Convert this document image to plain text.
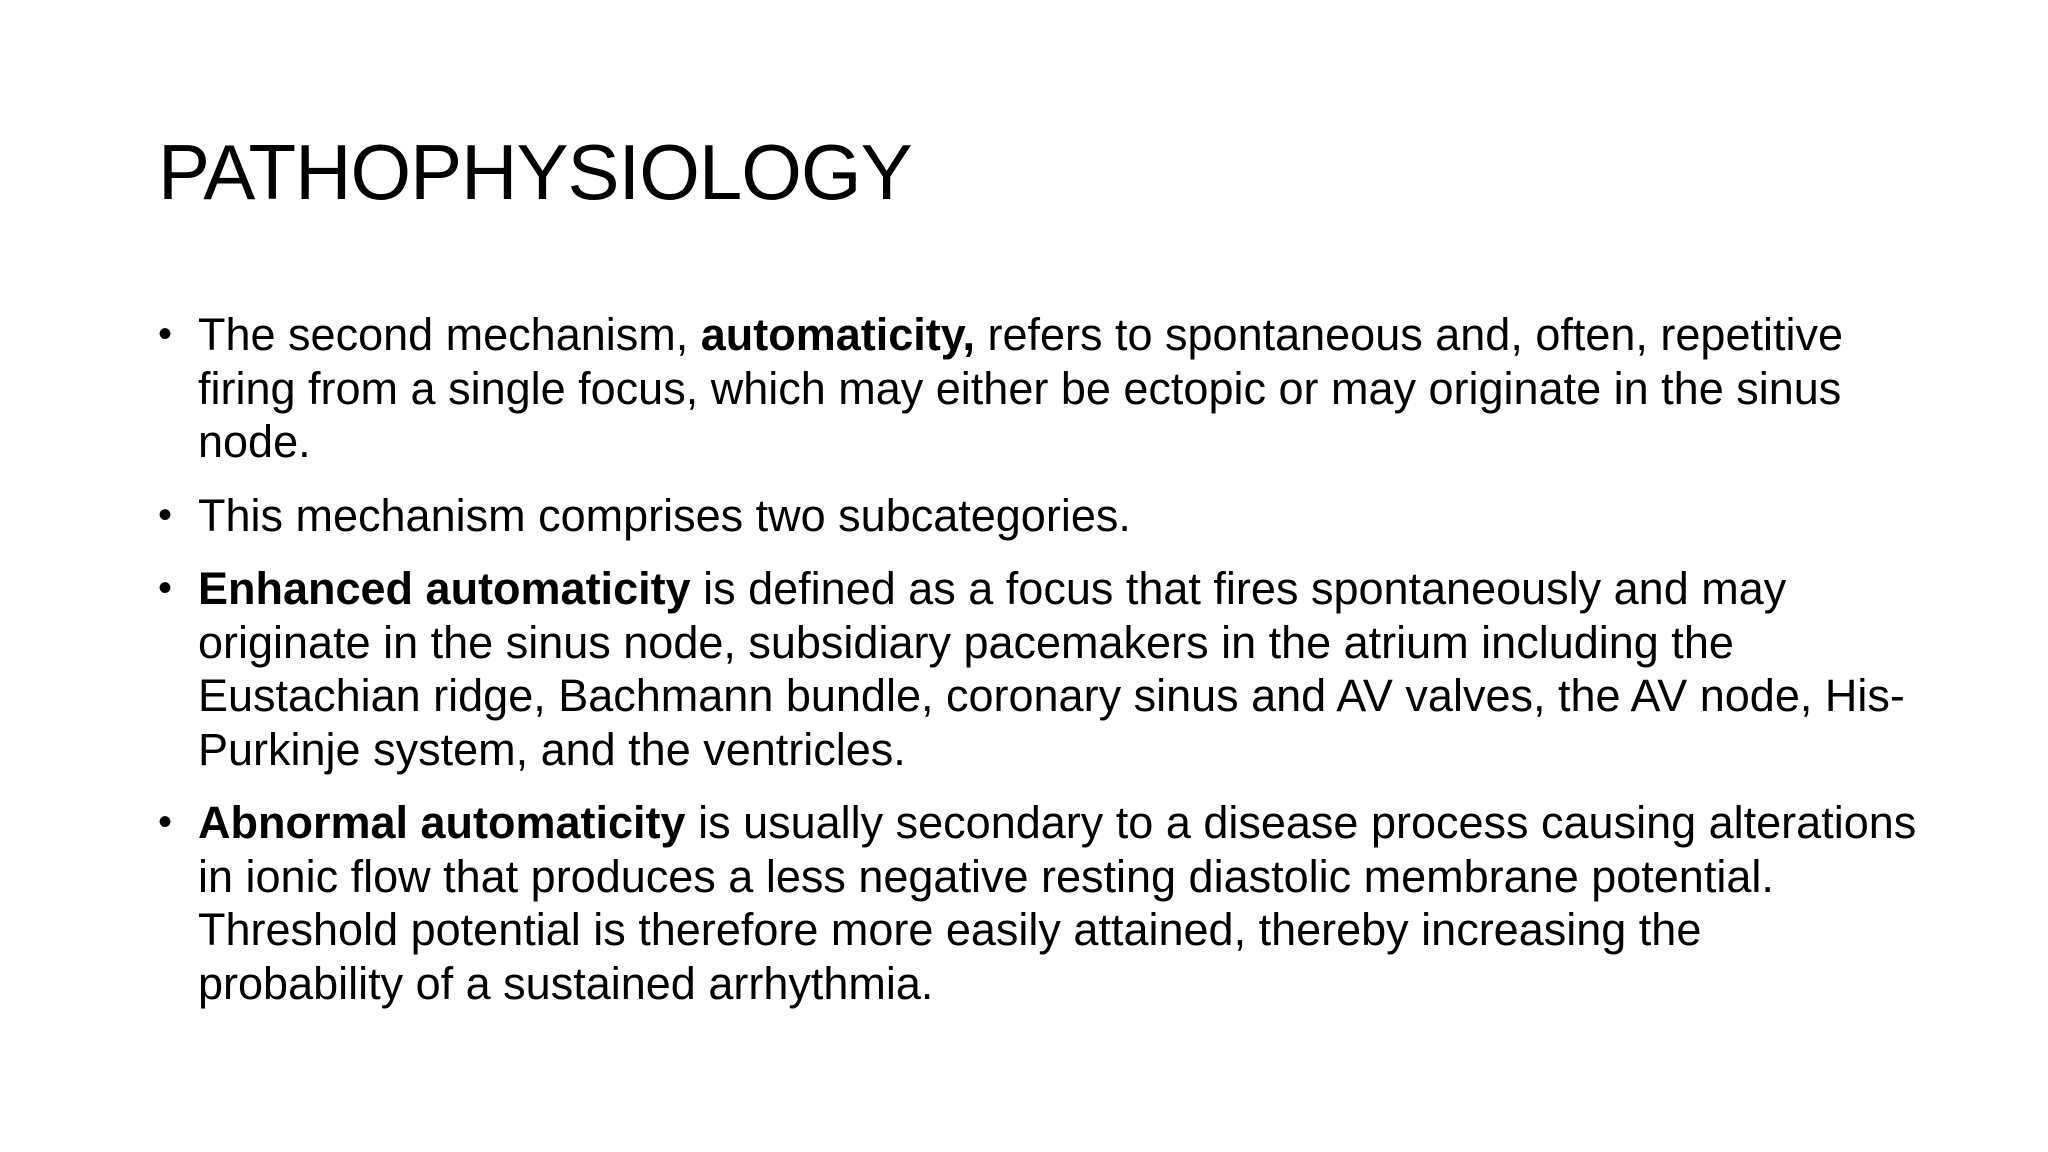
PATHOPHYSIOLOGY
• The second mechanism, automaticity, refers to spontaneous and, often, repetitive firing from a single focus, which may either be ectopic or may originate in the sinus node.
• This mechanism comprises two subcategories.
• Enhanced automaticity is defined as a focus that fires spontaneously and may originate in the sinus node, subsidiary pacemakers in the atrium including the Eustachian ridge, Bachmann bundle, coronary sinus and AV valves, the AV node, His-Purkinje system, and the ventricles.
• Abnormal automaticity is usually secondary to a disease process causing alterations in ionic flow that produces a less negative resting diastolic membrane potential. Threshold potential is therefore more easily attained, thereby increasing the probability of a sustained arrhythmia.
